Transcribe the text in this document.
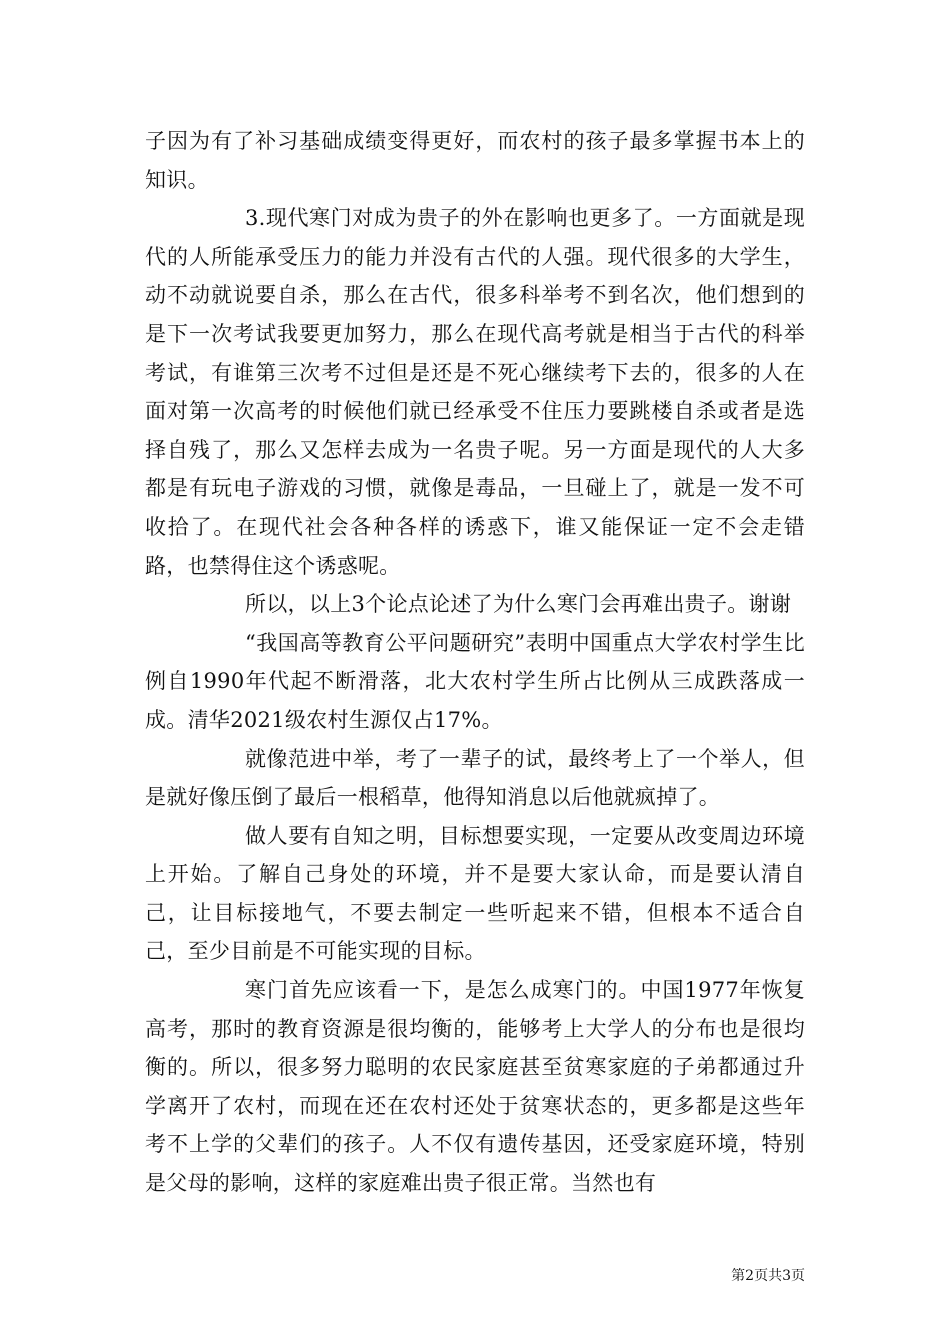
子因为有了补习基础成绩变得更好，而农村的孩子最多掌握书本上的知识。

3.现代寒门对成为贵子的外在影响也更多了。一方面就是现代的人所能承受压力的能力并没有古代的人强。现代很多的大学生，动不动就说要自杀，那么在古代，很多科举考不到名次，他们想到的是下一次考试我要更加努力，那么在现代高考就是相当于古代的科举考试，有谁第三次考不过但是还是不死心继续考下去的，很多的人在面对第一次高考的时候他们就已经承受不住压力要跳楼自杀或者是选择自残了，那么又怎样去成为一名贵子呢。另一方面是现代的人大多都是有玩电子游戏的习惯，就像是毒品，一旦碰上了，就是一发不可收拾了。在现代社会各种各样的诱惑下，谁又能保证一定不会走错路，也禁得住这个诱惑呢。

所以，以上3个论点论述了为什么寒门会再难出贵子。谢谢

“我国高等教育公平问题研究”表明中国重点大学农村学生比例自1990年代起不断滑落，北大农村学生所占比例从三成跌落成一成。清华2021级农村生源仅占17%。

就像范进中举，考了一辈子的试，最终考上了一个举人，但是就好像压倒了最后一根稻草，他得知消息以后他就疯掉了。

做人要有自知之明，目标想要实现，一定要从改变周边环境上开始。了解自己身处的环境，并不是要大家认命，而是要认清自己，让目标接地气，不要去制定一些听起来不错，但根本不适合自己，至少目前是不可能实现的目标。

寒门首先应该看一下，是怎么成寒门的。中国1977年恢复高考，那时的教育资源是很均衡的，能够考上大学人的分布也是很均衡的。所以，很多努力聪明的农民家庭甚至贫寒家庭的子弟都通过升学离开了农村，而现在还在农村还处于贫寒状态的，更多都是这些年考不上学的父辈们的孩子。人不仅有遗传基因，还受家庭环境，特别是父母的影响，这样的家庭难出贵子很正常。当然也有

第2页共3页
